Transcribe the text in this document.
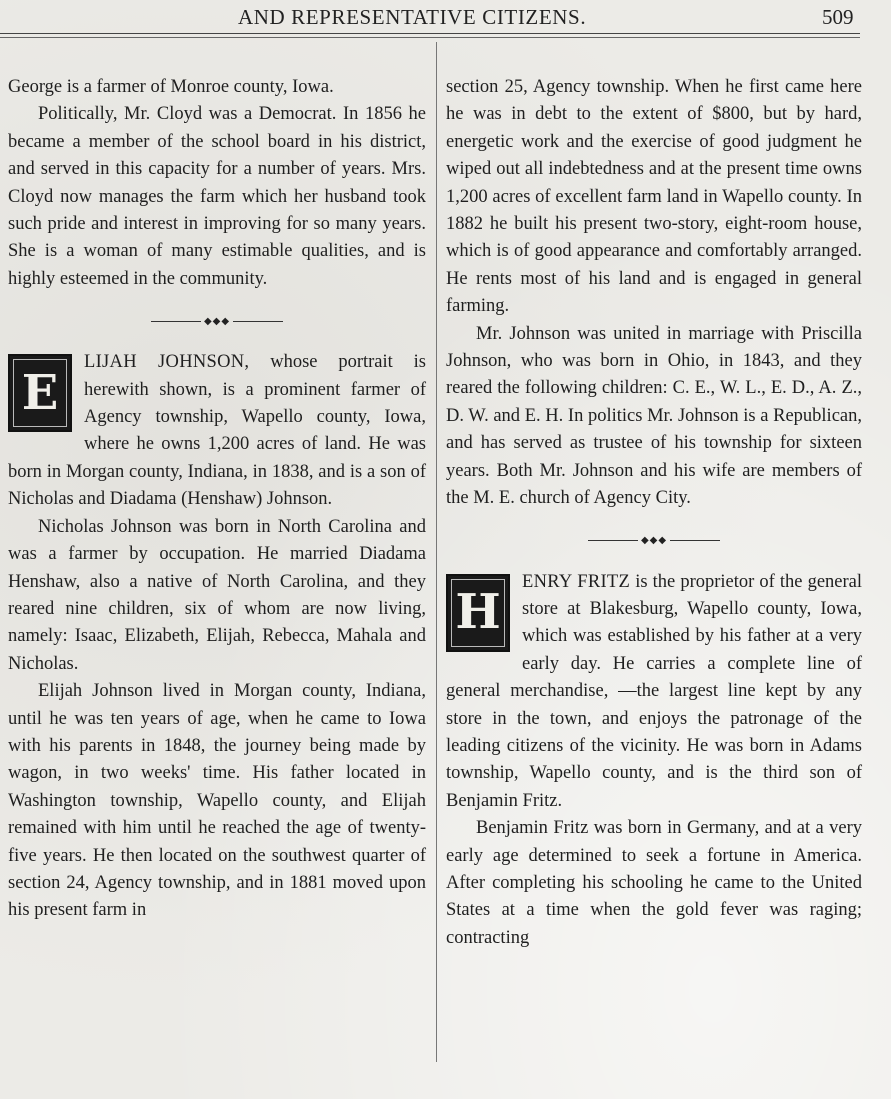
AND REPRESENTATIVE CITIZENS.	509

George is a farmer of Monroe county, Iowa.

Politically, Mr. Cloyd was a Democrat. In 1856 he became a member of the school board in his district, and served in this capacity for a number of years. Mrs. Cloyd now manages the farm which her husband took such pride and interest in improving for so many years. She is a woman of many estimable qualities, and is highly esteemed in the community.

◆◆◆

E
LIJAH JOHNSON, whose portrait is herewith shown, is a prominent farmer of Agency township, Wapello county, Iowa, where he owns 1,200 acres of land. He was born in Morgan county, Indiana, in 1838, and is a son of Nicholas and Diadama (Henshaw) Johnson.

Nicholas Johnson was born in North Carolina and was a farmer by occupation. He married Diadama Henshaw, also a native of North Carolina, and they reared nine children, six of whom are now living, namely: Isaac, Elizabeth, Elijah, Rebecca, Mahala and Nicholas.

Elijah Johnson lived in Morgan county, Indiana, until he was ten years of age, when he came to Iowa with his parents in 1848, the journey being made by wagon, in two weeks' time. His father located in Washington township, Wapello county, and Elijah remained with him until he reached the age of twenty-five years. He then located on the southwest quarter of section 24, Agency township, and in 1881 moved upon his present farm in

section 25, Agency township. When he first came here he was in debt to the extent of $800, but by hard, energetic work and the exercise of good judgment he wiped out all indebtedness and at the present time owns 1,200 acres of excellent farm land in Wapello county. In 1882 he built his present two-story, eight-room house, which is of good appearance and comfortably arranged. He rents most of his land and is engaged in general farming.

Mr. Johnson was united in marriage with Priscilla Johnson, who was born in Ohio, in 1843, and they reared the following children: C. E., W. L., E. D., A. Z., D. W. and E. H. In politics Mr. Johnson is a Republican, and has served as trustee of his township for sixteen years. Both Mr. Johnson and his wife are members of the M. E. church of Agency City.

◆◆◆

H
ENRY FRITZ is the proprietor of the general store at Blakesburg, Wapello county, Iowa, which was established by his father at a very early day. He carries a complete line of general merchandise, —the largest line kept by any store in the town, and enjoys the patronage of the leading citizens of the vicinity. He was born in Adams township, Wapello county, and is the third son of Benjamin Fritz.

Benjamin Fritz was born in Germany, and at a very early age determined to seek a fortune in America. After completing his schooling he came to the United States at a time when the gold fever was raging; contracting
